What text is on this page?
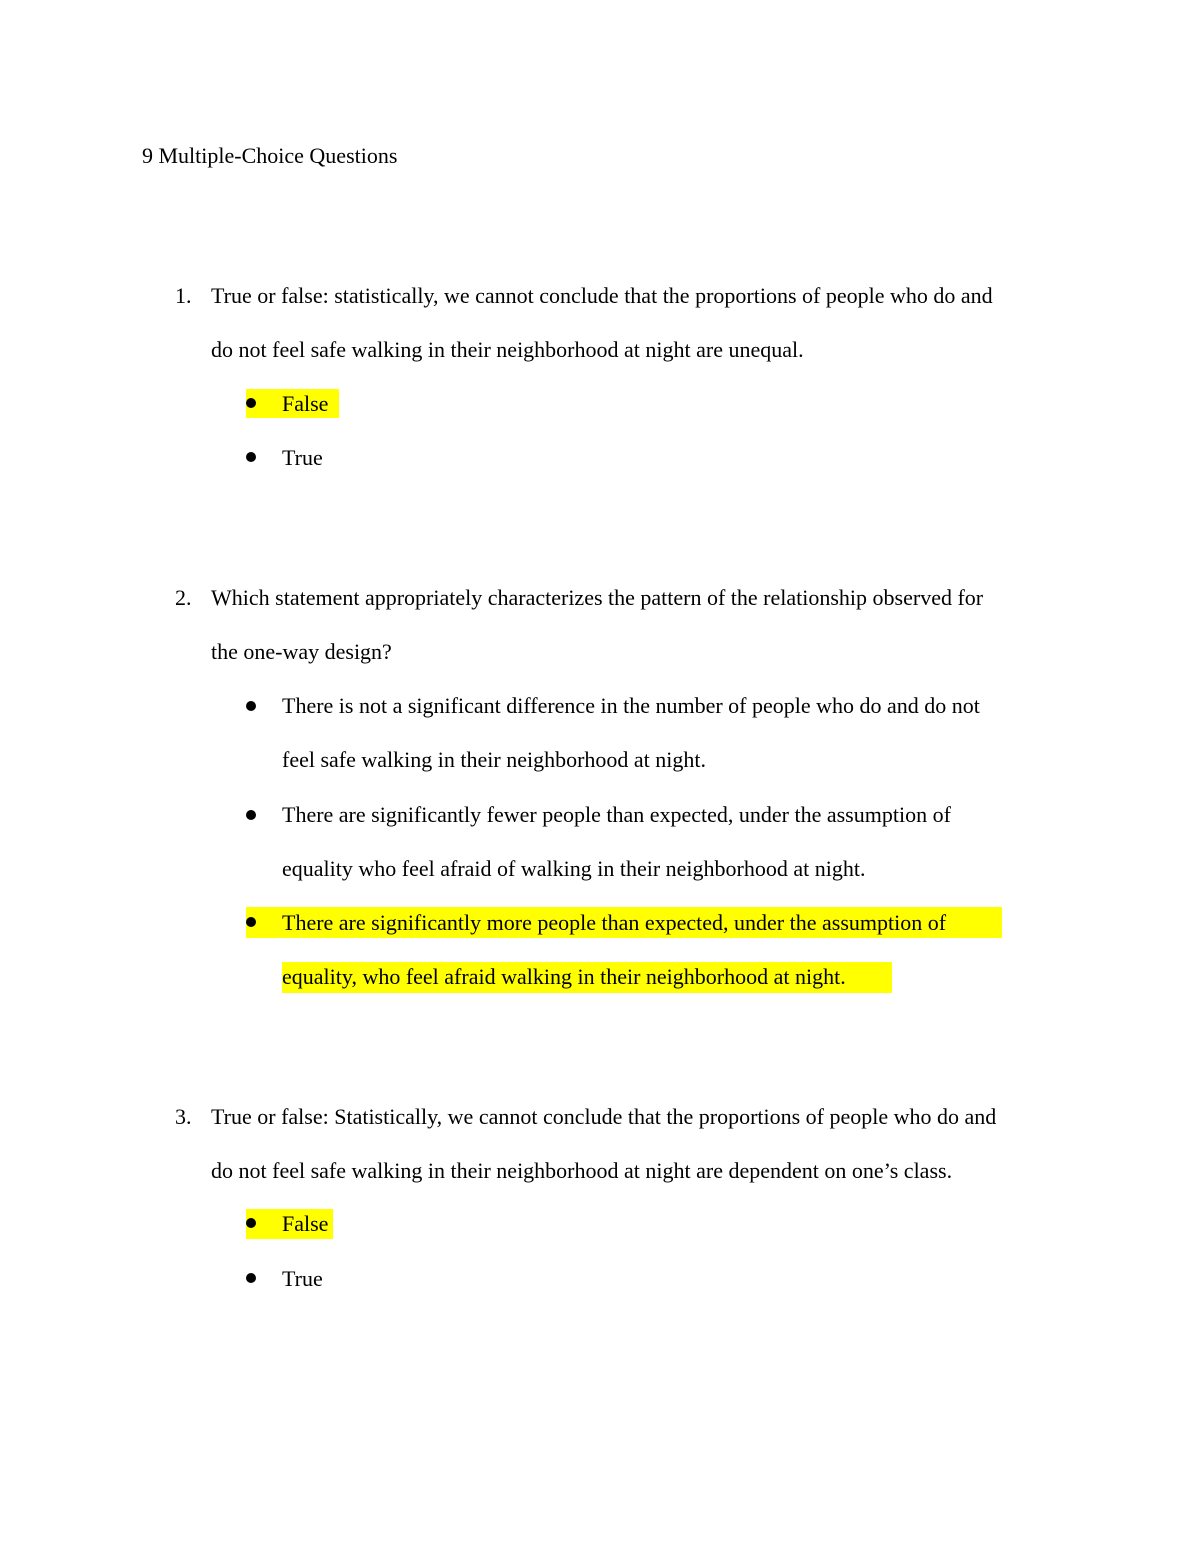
9 Multiple-Choice Questions
1. True or false: statistically, we cannot conclude that the proportions of people who do and
do not feel safe walking in their neighborhood at night are unequal.
False
True
2. Which statement appropriately characterizes the pattern of the relationship observed for
the one-way design?
There is not a significant difference in the number of people who do and do not
feel safe walking in their neighborhood at night.
There are significantly fewer people than expected, under the assumption of
equality who feel afraid of walking in their neighborhood at night.
There are significantly more people than expected, under the assumption of
equality, who feel afraid walking in their neighborhood at night.
3. True or false: Statistically, we cannot conclude that the proportions of people who do and
do not feel safe walking in their neighborhood at night are dependent on one’s class.
False
True
